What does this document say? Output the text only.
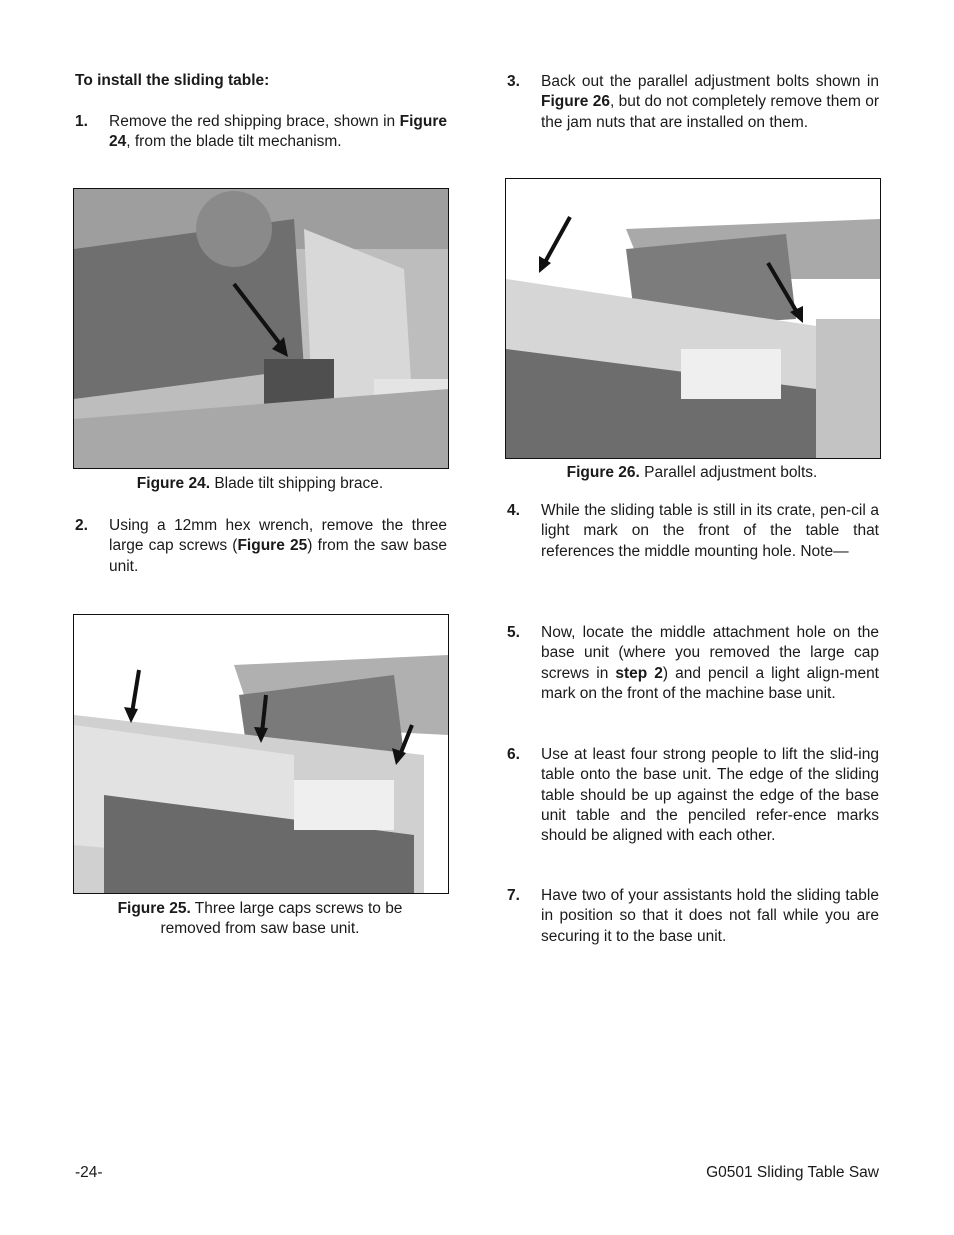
To install the sliding table:
1.	Remove the red shipping brace, shown in Figure 24, from the blade tilt mechanism.
Figure 24. Blade tilt shipping brace.
2.	Using a 12mm hex wrench, remove the three large cap screws (Figure 25) from the saw base unit.
Figure 25. Three large caps screws to be
removed from saw base unit.
3.	Back out the parallel adjustment bolts shown in Figure 26, but do not completely remove them or the jam nuts that are installed on them.
Figure 26. Parallel adjustment bolts.
4.	While the sliding table is still in its crate, pen-cil a light mark on the front of the table that references the middle mounting hole. Note—
5.	Now, locate the middle attachment hole on the base unit (where you removed the large cap screws in step 2) and pencil a light align-ment mark on the front of the machine base unit.
6.	Use at least four strong people to lift the slid-ing table onto the base unit. The edge of the sliding table should be up against the edge of the base unit table and the penciled refer-ence marks should be aligned with each other.
7.	Have two of your assistants hold the sliding table in position so that it does not fall while you are securing it to the base unit.
-24-	G0501 Sliding Table Saw
